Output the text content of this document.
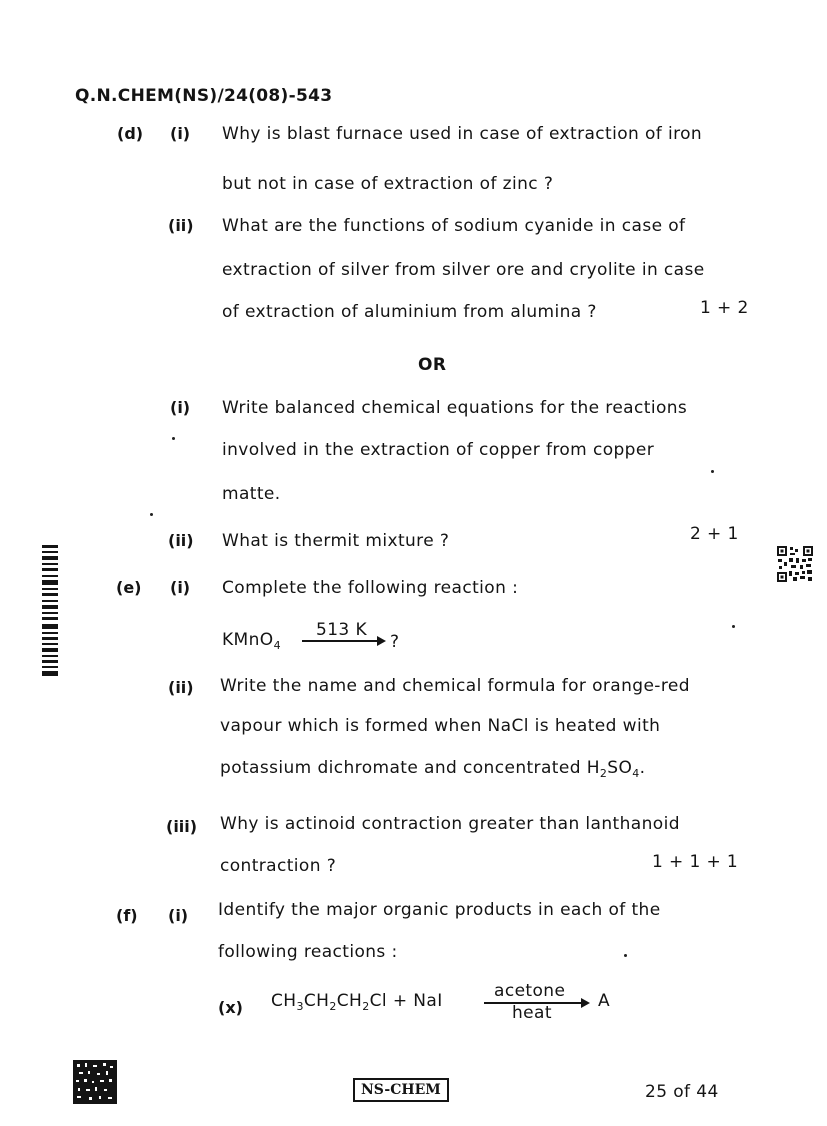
Q.N.CHEM(NS)/24(08)-543
(d) (i) Why is blast furnace used in case of extraction of iron
but not in case of extraction of zinc ?
(ii) What are the functions of sodium cyanide in case of
extraction of silver from silver ore and cryolite in case
of extraction of aluminium from alumina ?	1 + 2
OR
(i) Write balanced chemical equations for the reactions
involved in the extraction of copper from copper
matte.
(ii) What is thermit mixture ?	2 + 1
(e) (i) Complete the following reaction :
KMnO$_4$
513 K
?
(ii) Write the name and chemical formula for orange-red
vapour which is formed when NaCl is heated with
potassium dichromate and concentrated $H_2SO_4$.
(iii) Why is actinoid contraction greater than lanthanoid
contraction ?	1 + 1 + 1
(f) (i) Identify the major organic products in each of the
following reactions :
(x) $CH_3CH_2CH_2Cl$ + NaI	acetone
heat
A
NS-CHEM	25 of 44
